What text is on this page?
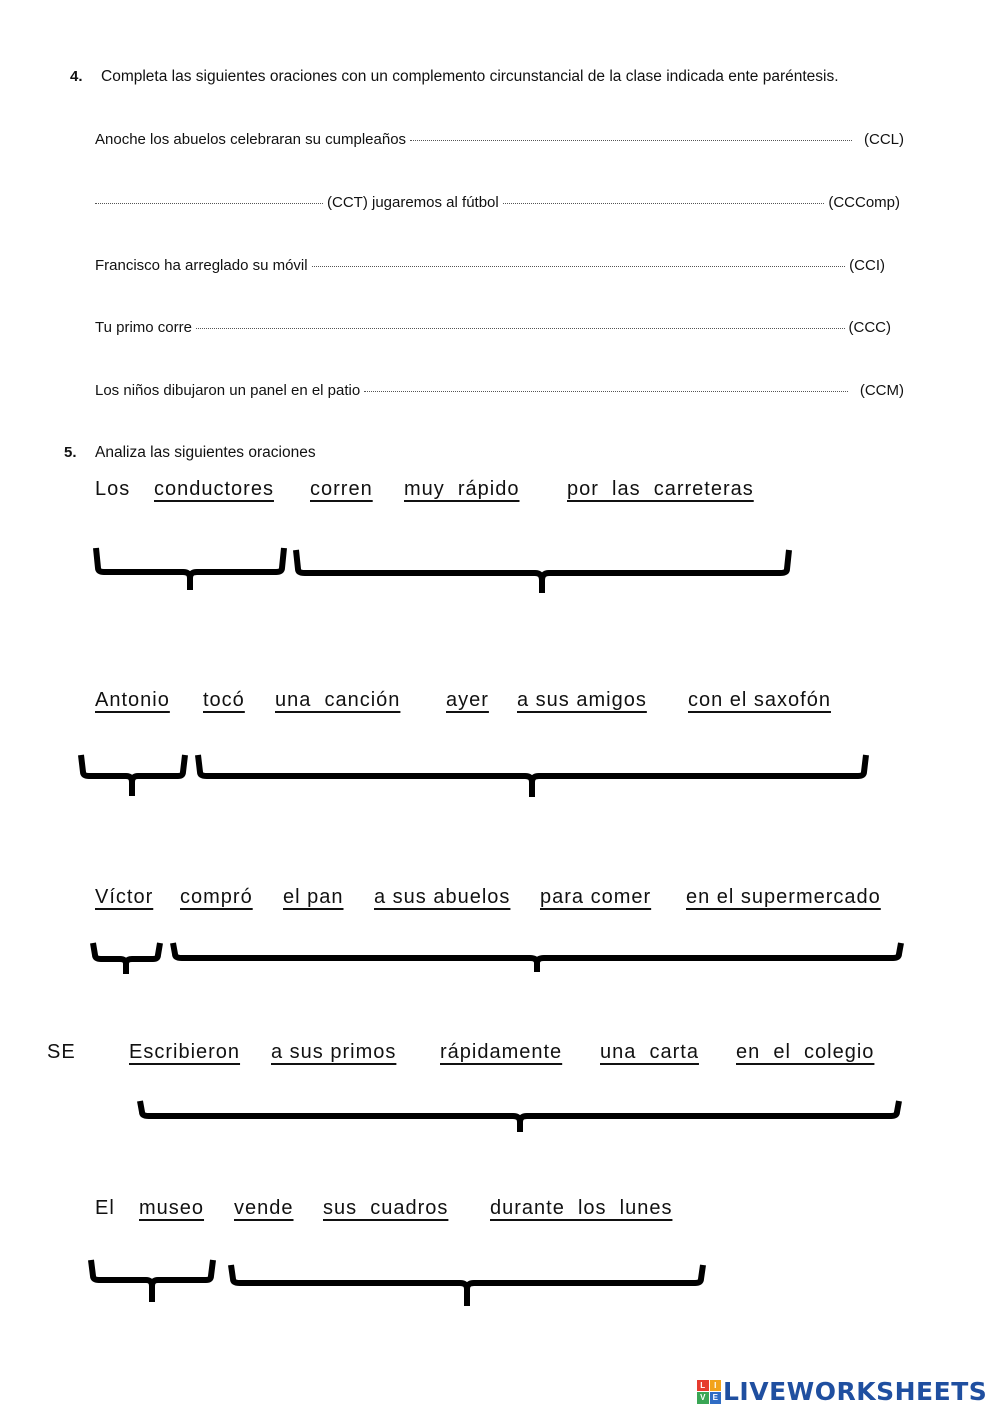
4. Completa las siguientes oraciones con un complemento circunstancial de la clase indicada ente paréntesis.
Anoche los abuelos celebraran su cumpleaños	(CCL)
(CCT) jugaremos al fútbol	(CCComp)
Francisco ha arreglado su móvil	(CCI)
Tu primo corre	(CCC)
Los niños dibujaron un panel en el patio	(CCM)
5. Analiza las siguientes oraciones
Los conductores corren muy  rápido por  las  carreteras
Antonio tocó una  canción ayer a sus amigos con el saxofón
Víctor compró el pan a sus abuelos para comer en el supermercado
SE	Escribieron a sus primos rápidamente una  carta en  el  colegio
El museo vende sus  cuadros durante  los  lunes
L	I
V E LIVEWORKSHEETS
